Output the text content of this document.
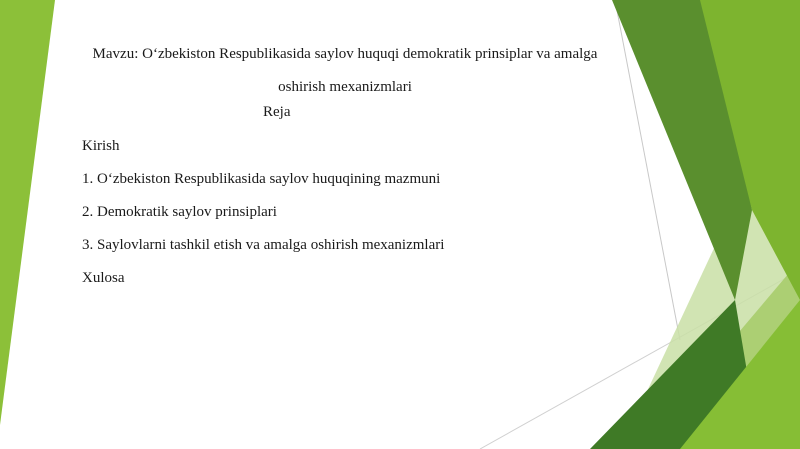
Mavzu: O‘zbekiston Respublikasida saylov huquqi demokratik prinsiplar va amalga oshirish mexanizmlari

Reja

Kirish
1. O‘zbekiston Respublikasida saylov huquqining mazmuni
2. Demokratik saylov prinsiplari
3. Saylovlarni tashkil etish va amalga oshirish mexanizmlari
Xulosa
